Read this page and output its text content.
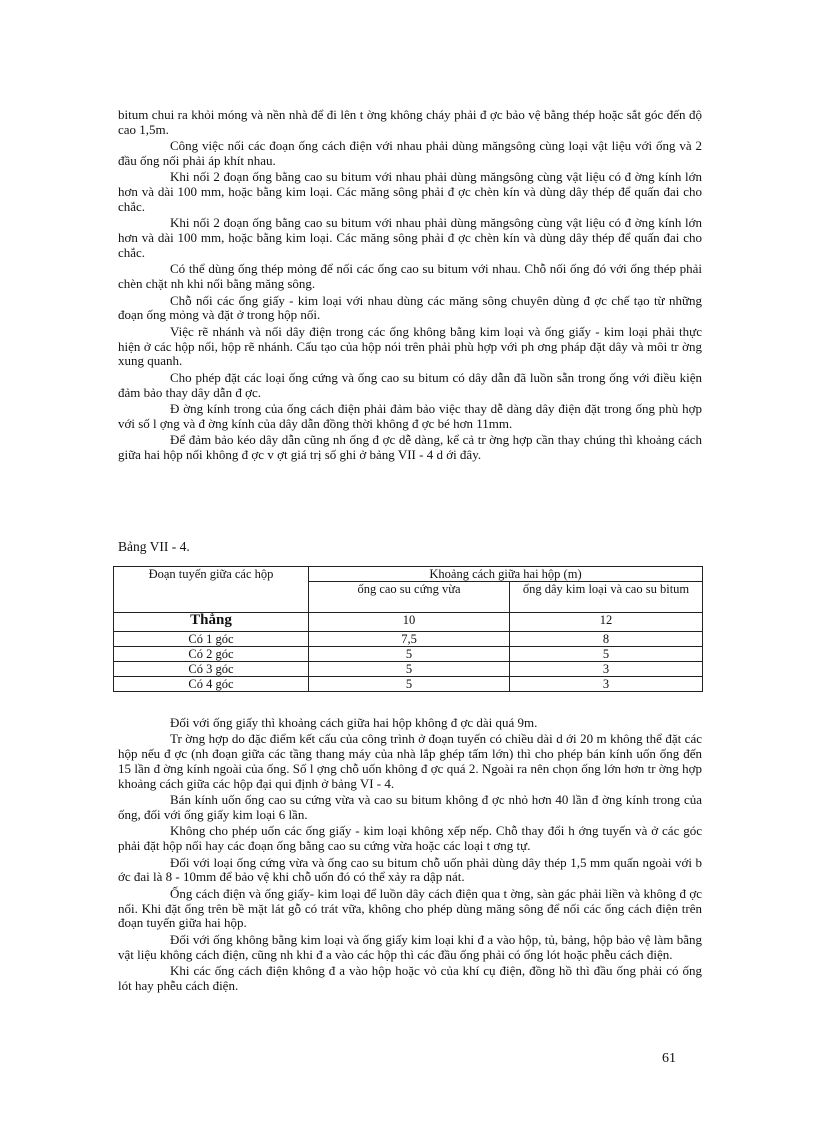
bitum chui ra khỏi móng và nền nhà để đi lên t ờng không cháy phải đ ợc bảo vệ bằng thép hoặc sắt góc đến độ cao 1,5m.

Công việc nối các đoạn ống cách điện với nhau phải dùng măngsông cùng loại vật liệu với ống và 2 đầu ống nối phải áp khít nhau.

Khi nối 2 đoạn ống bằng cao su bitum với nhau phải dùng măngsông cùng vật liệu có đ ờng kính lớn hơn và dài 100 mm, hoặc bằng kim loại. Các măng sông phải đ ợc chèn kín và dùng dây thép để quấn đai cho chắc.

Khi nối 2 đoạn ống bằng cao su bitum với nhau phải dùng măngsông cùng vật liệu có đ ờng kính lớn hơn và dài 100 mm, hoặc bằng kim loại. Các măng sông phải đ ợc chèn kín và dùng dây thép để quấn đai cho chắc.

Có thể dùng ống thép mỏng để nối các ống cao su bitum với nhau. Chỗ nối ống đó với ống thép phải chèn chặt nh khi nối bằng măng sông.

Chỗ nối các ống giấy - kim loại với nhau dùng các măng sông chuyên dùng đ ợc chế tạo từ những đoạn ống mỏng và đặt ở trong hộp nối.

Việc rẽ nhánh và nối dây điện trong các ống không bằng kim loại và ống giấy - kim loại phải thực hiện ở các hộp nối, hộp rẽ nhánh. Cấu tạo của hộp nói trên phải phù hợp với ph ơng pháp đặt dây và môi tr ờng xung quanh.

Cho phép đặt các loại ống cứng và ống cao su bitum có dây dẫn đã luồn sẵn trong ống với điều kiện đảm bảo thay dây dẫn đ ợc.

Đ ờng kính trong của ống cách điện phải đảm bảo việc thay dễ dàng dây điện đặt trong ống phù hợp với số l ợng và đ ờng kính của dây dẫn đồng thời không đ ợc bé hơn 11mm.

Để đảm bảo kéo dây dẫn cũng nh ống đ ợc dễ dàng, kể cả tr ờng hợp cần thay chúng thì khoảng cách giữa hai hộp nối không đ ợc v ợt giá trị số ghi ở bảng VII - 4 d ới đây.

Bảng VII - 4.
Đoạn tuyến giữa các hộp	Khoảng cách giữa hai hộp (m)	
	ống cao su cứng vừa	ống dây kim loại và cao su bitum
Thẳng	10	12
Có 1 góc	7,5	8
Có 2 góc	5	5
Có 3 góc	5	3
Có 4 góc	5	3

Đối với ống giấy thì khoảng cách giữa hai hộp không đ ợc dài quá 9m.

Tr ờng hợp do đặc điểm kết cấu của công trình ở đoạn tuyến có chiều dài d ới 20 m không thể đặt các hộp nếu đ ợc (nh đoạn giữa các tầng thang máy của nhà lắp ghép tấm lớn) thì cho phép bán kính uốn ống đến 15 lần đ ờng kính ngoài của ống. Số l ợng chỗ uốn không đ ợc quá 2. Ngoài ra nên chọn ống lớn hơn tr ờng hợp khoảng cách giữa các hộp đại qui định ở bảng VI - 4.

Bán kính uốn ống cao su cứng vừa và cao su bitum không đ ợc nhỏ hơn 40 lần đ ờng kính trong của ống, đối với ống giấy kim loại 6 lần.

Không cho phép uốn các ống giấy - kim loại không xếp nếp. Chỗ thay đổi h ớng tuyến và ở các góc phải đặt hộp nối hay các đoạn ống bằng cao su cứng vừa hoặc các loại t ơng tự.

Đối với loại ống cứng vừa và ống cao su bitum chỗ uốn phải dùng dây thép 1,5 mm quấn ngoài với b ớc đai là 8 - 10mm để bảo vệ khi chỗ uốn đó có thể xảy ra dập nát.

Ống cách điện và ống giấy- kim loại để luồn dây cách điện qua t ờng, sàn gác phải liền và không đ ợc nối. Khi đặt ống trên bề mặt lát gỗ có trát vữa, không cho phép dùng măng sông để nối các ống cách điện trên đoạn tuyến giữa hai hộp.

Đối với ống không bằng kim loại và ống giấy kim loại khi đ a vào hộp, tủ, bảng, hộp bảo vệ làm bằng vật liệu không cách điện, cũng nh khi đ a vào các hộp thì các đầu ống phải có ống lót hoặc phễu cách điện.

Khi các ống cách điện không đ a vào hộp hoặc vỏ của khí cụ điện, đồng hồ thì đầu ống phải có ống lót hay phễu cách điện.

61
